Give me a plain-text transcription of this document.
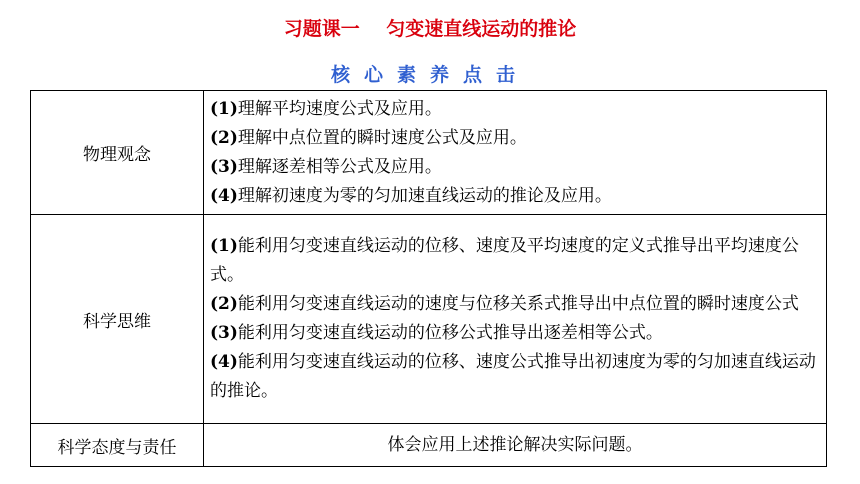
习题课一    匀变速直线运动的推论
核心素养点击
物理观念	(1)理解平均速度公式及应用。

(2)理解中点位置的瞬时速度公式及应用。

(3)理解逐差相等公式及应用。

(4)理解初速度为零的匀加速直线运动的推论及应用。

科学思维	(1)能利用匀变速直线运动的位移、速度及平均速度的定义式推导出平均速度公式。

(2)能利用匀变速直线运动的速度与位移关系式推导出中点位置的瞬时速度公式

(3)能利用匀变速直线运动的位移公式推导出逐差相等公式。

(4)能利用匀变速直线运动的位移、速度公式推导出初速度为零的匀加速直线运动的推论。

科学态度与责任	体会应用上述推论解决实际问题。
